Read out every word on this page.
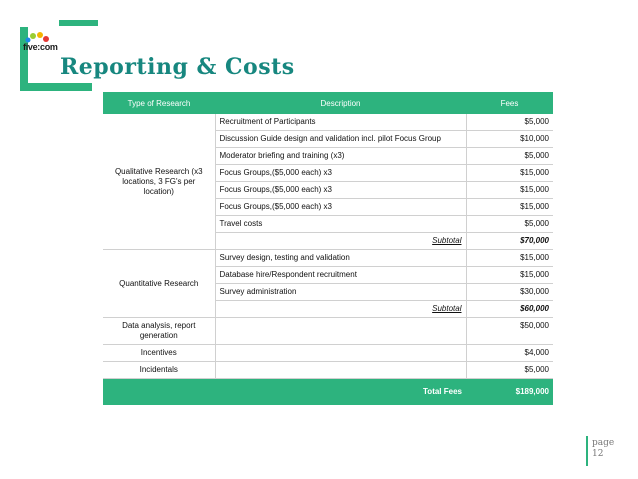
five:com
Reporting & Costs
Type of Research	Description	Fees
Qualitative Research (x3 locations, 3 FG's per location)	Recruitment of Participants	$5,000
	Discussion Guide design and validation incl. pilot Focus Group	$10,000
	Moderator briefing and training (x3)	$5,000
	Focus Groups,($5,000 each) x3	$15,000
	Focus Groups,($5,000 each) x3	$15,000
	Focus Groups,($5,000 each) x3	$15,000
	Travel costs	$5,000
	Subtotal	$70,000
Quantitative Research	Survey design, testing and validation	$15,000
	Database hire/Respondent recruitment	$15,000
	Survey administration	$30,000
	Subtotal	$60,000
Data analysis, report generation		$50,000
Incentives		$4,000
Incidentals		$5,000
	Total Fees	$189,000
page
12
